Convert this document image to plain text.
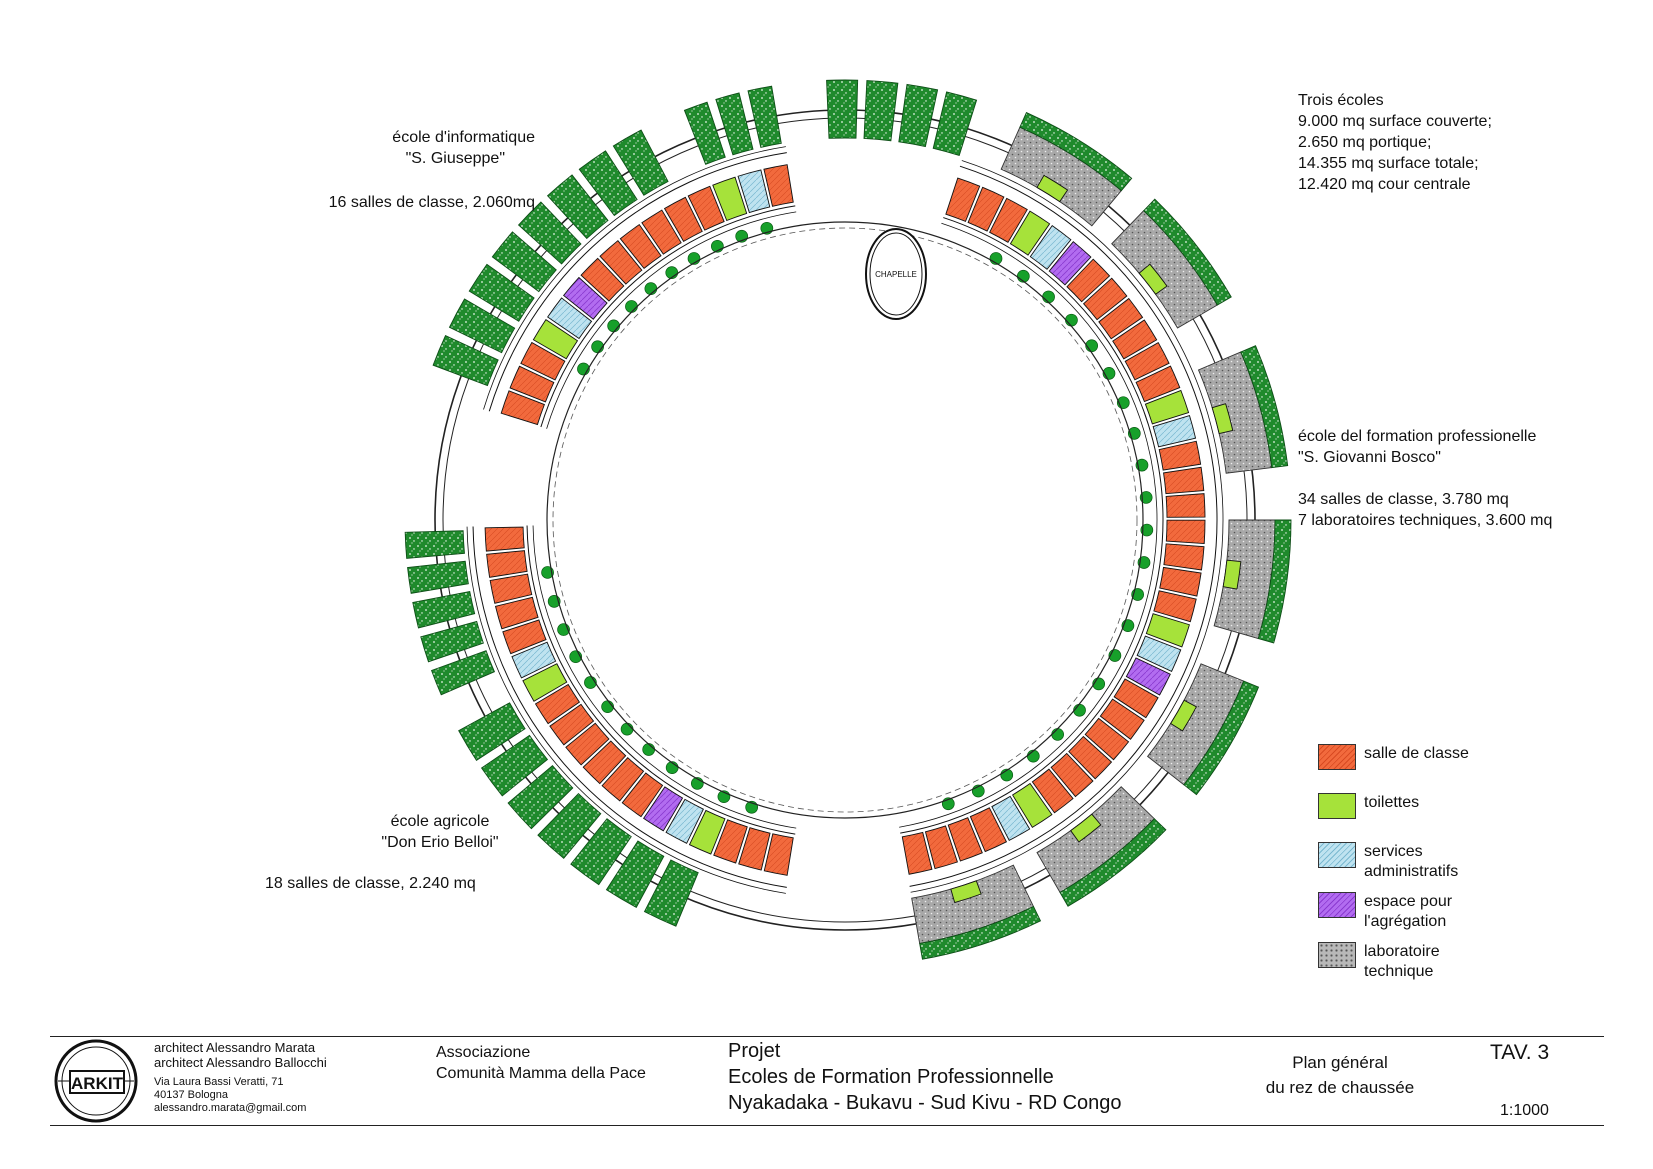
CHAPELLE
Trois écoles
9.000 mq surface couverte;
2.650 mq portique;
14.355 mq surface totale;
12.420 mq cour centrale
école d'informatique
"S. Giuseppe"
16 salles de classe, 2.060mq
école del formation professionelle
"S. Giovanni Bosco"
34 salles de classe, 3.780 mq
7 laboratoires techniques, 3.600 mq
école agricole
"Don Erio Belloi"
18 salles de classe, 2.240 mq
salle de classe
toilettes
services
administratifs
espace pour
l'agrégation
laboratoire
technique
ARKIT
architect Alessandro Marata
architect Alessandro Ballocchi
Via Laura Bassi Veratti, 71
40137 Bologna
alessandro.marata@gmail.com
Associazione
Comunità Mamma della Pace
Projet
Ecoles de Formation Professionnelle
Nyakadaka - Bukavu - Sud Kivu - RD Congo
Plan général
du rez de chaussée
TAV. 3
1:1000
